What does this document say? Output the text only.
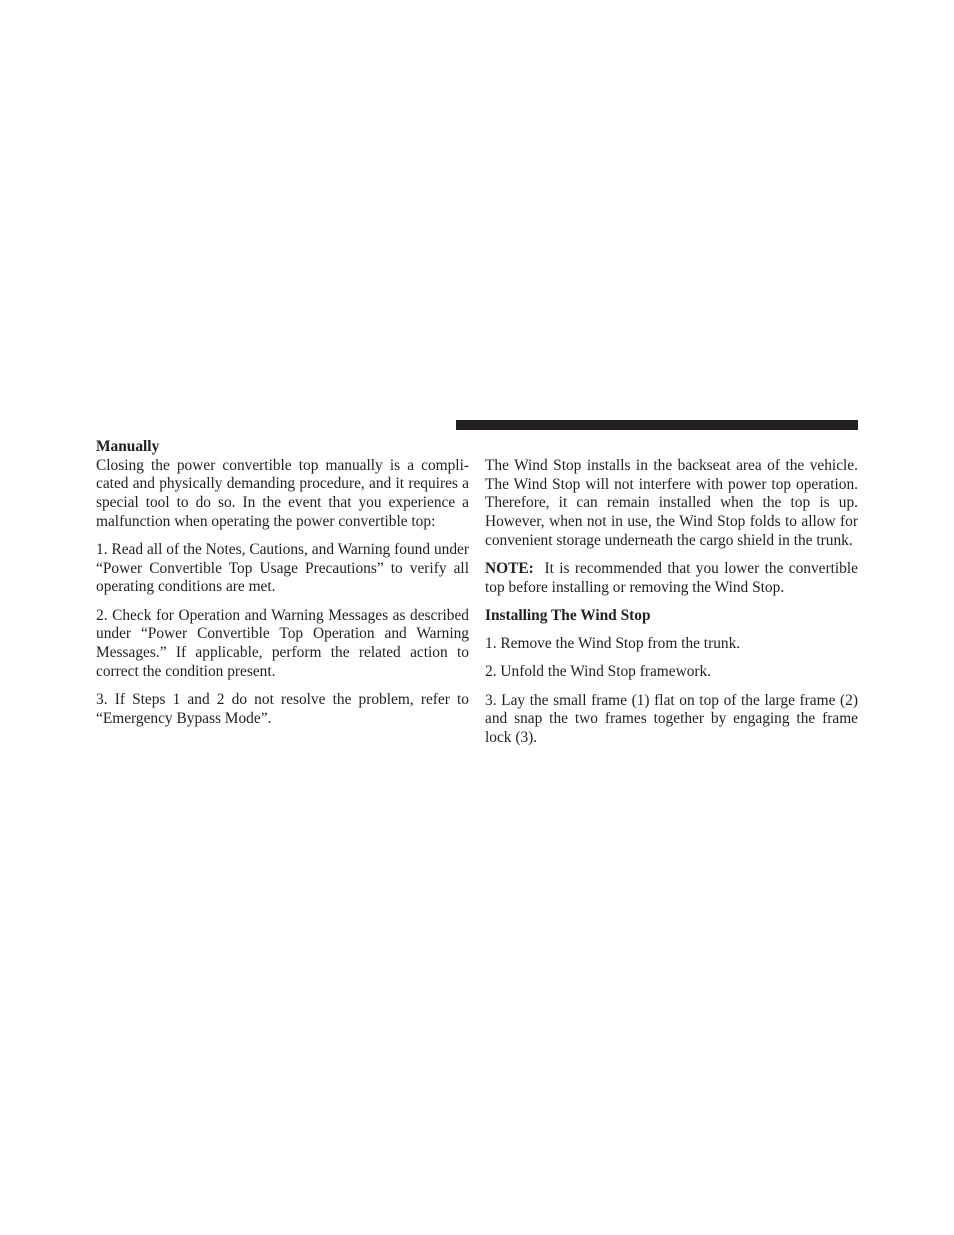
Manually

Closing the power convertible top manually is a complicated and physically demanding procedure, and it requires a special tool to do so. In the event that you experience a malfunction when operating the power convertible top:

1. Read all of the Notes, Cautions, and Warning found under “Power Convertible Top Usage Precautions” to verify all operating conditions are met.

2. Check for Operation and Warning Messages as described under “Power Convertible Top Operation and Warning Messages.” If applicable, perform the related action to correct the condition present.

3. If Steps 1 and 2 do not resolve the problem, refer to “Emergency Bypass Mode”.

The Wind Stop installs in the backseat area of the vehicle. The Wind Stop will not interfere with power top operation. Therefore, it can remain installed when the top is up. However, when not in use, the Wind Stop folds to allow for convenient storage underneath the cargo shield in the trunk.

NOTE: It is recommended that you lower the convertible top before installing or removing the Wind Stop.

Installing The Wind Stop

1. Remove the Wind Stop from the trunk.

2. Unfold the Wind Stop framework.

3. Lay the small frame (1) flat on top of the large frame (2) and snap the two frames together by engaging the frame lock (3).
